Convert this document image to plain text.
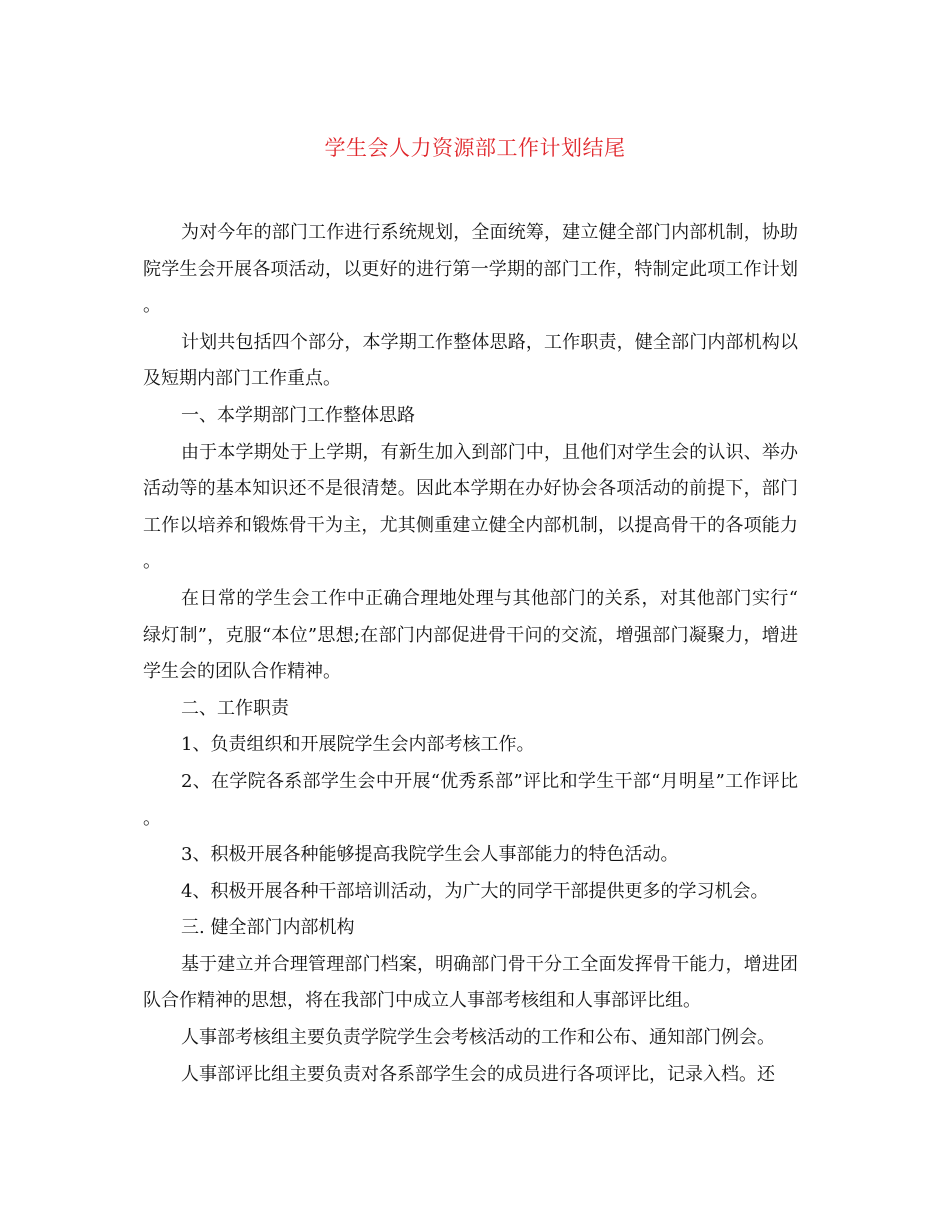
学生会人力资源部工作计划结尾

为对今年的部门工作进行系统规划，全面统筹，建立健全部门内部机制，协助院学生会开展各项活动，以更好的进行第一学期的部门工作，特制定此项工作计划。

计划共包括四个部分，本学期工作整体思路，工作职责，健全部门内部机构以及短期内部门工作重点。

一、本学期部门工作整体思路

由于本学期处于上学期，有新生加入到部门中，且他们对学生会的认识、举办活动等的基本知识还不是很清楚。因此本学期在办好协会各项活动的前提下，部门工作以培养和锻炼骨干为主，尤其侧重建立健全内部机制，以提高骨干的各项能力。

在日常的学生会工作中正确合理地处理与其他部门的关系，对其他部门实行“绿灯制”，克服“本位”思想;在部门内部促进骨干问的交流，增强部门凝聚力，增进学生会的团队合作精神。

二、工作职责

1、负责组织和开展院学生会内部考核工作。

2、在学院各系部学生会中开展“优秀系部”评比和学生干部“月明星”工作评比。

3、积极开展各种能够提高我院学生会人事部能力的特色活动。

4、积极开展各种干部培训活动，为广大的同学干部提供更多的学习机会。

三. 健全部门内部机构

基于建立并合理管理部门档案，明确部门骨干分工全面发挥骨干能力，增进团队合作精神的思想，将在我部门中成立人事部考核组和人事部评比组。

人事部考核组主要负责学院学生会考核活动的工作和公布、通知部门例会。

人事部评比组主要负责对各系部学生会的成员进行各项评比，记录入档。还
